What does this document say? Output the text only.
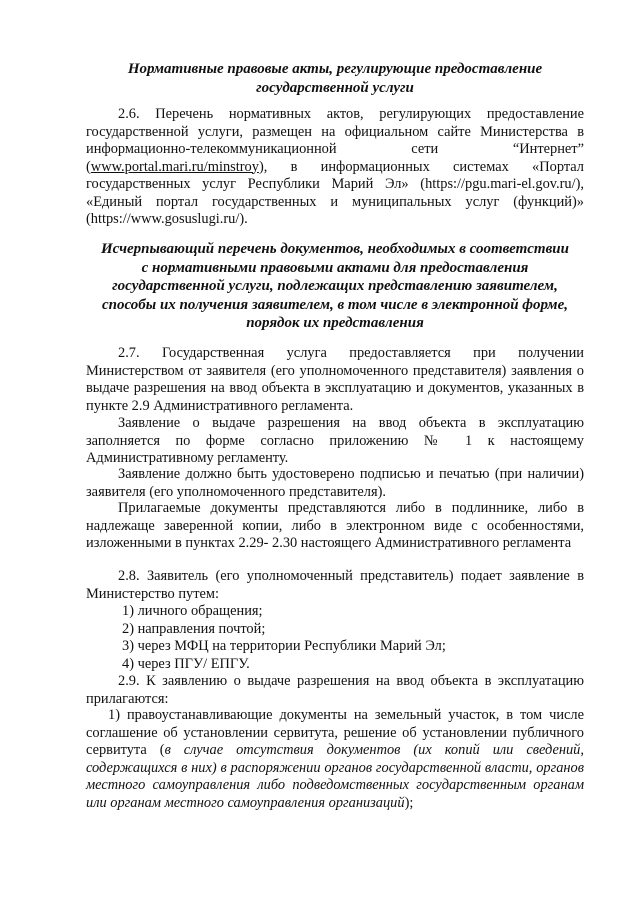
Нормативные правовые акты, регулирующие предоставление
государственной услуги

2.6. Перечень нормативных актов, регулирующих предоставление государственной услуги, размещен на официальном сайте Министерства в информационно-телекоммуникационной сети “Интернет” (www.portal.mari.ru/minstroy), в информационных системах «Портал государственных услуг Республики Марий Эл» (https://pgu.mari-el.gov.ru/), «Единый портал государственных и муниципальных услуг (функций)» (https://www.gosuslugi.ru/).

Исчерпывающий перечень документов, необходимых в соответствии
с нормативными правовыми актами для предоставления
государственной услуги, подлежащих представлению заявителем,
способы их получения заявителем, в том числе в электронной форме,
порядок их представления

2.7. Государственная услуга предоставляется при получении Министерством от заявителя (его уполномоченного представителя) заявления о выдаче разрешения на ввод объекта в эксплуатацию и документов, указанных в пункте 2.9 Административного регламента.

Заявление о выдаче разрешения на ввод объекта в эксплуатацию заполняется по форме согласно приложению № 1 к настоящему Административному регламенту.

Заявление должно быть удостоверено подписью и печатью (при наличии) заявителя (его уполномоченного представителя).

Прилагаемые документы представляются либо в подлиннике, либо в надлежаще заверенной копии, либо в электронном виде с особенностями, изложенными в пунктах 2.29- 2.30 настоящего Административного регламента

2.8. Заявитель (его уполномоченный представитель) подает заявление в Министерство путем:

1) личного обращения;
2) направления почтой;
3) через МФЦ на территории Республики Марий Эл;
4) через ПГУ/ ЕПГУ.

2.9. К заявлению о выдаче разрешения на ввод объекта в эксплуатацию прилагаются:

1) правоустанавливающие документы на земельный участок, в том числе соглашение об установлении сервитута, решение об установлении публичного сервитута (в случае отсутствия документов (их копий или сведений, содержащихся в них) в распоряжении органов государственной власти, органов местного самоуправления либо подведомственных государственным органам или органам местного самоуправления организаций);
